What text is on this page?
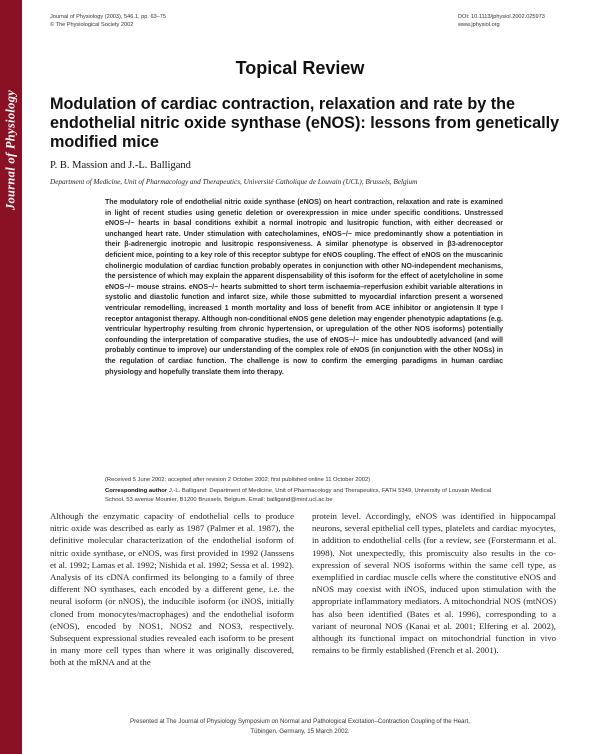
Journal of Physiology
Journal of Physiology (2003), 546.1, pp. 63–75
© The Physiological Society 2002
DOI: 10.1113/jphysiol.2002.025973
www.jphysiol.org
Topical Review
Modulation of cardiac contraction, relaxation and rate by the endothelial nitric oxide synthase (eNOS): lessons from genetically modified mice
P. B. Massion and J.-L. Balligand
Department of Medicine, Unit of Pharmacology and Therapeutics, Université Catholique de Louvain (UCL), Brussels, Belgium
The modulatory role of endothelial nitric oxide synthase (eNOS) on heart contraction, relaxation and rate is examined in light of recent studies using genetic deletion or overexpression in mice under specific conditions. Unstressed eNOS−/− hearts in basal conditions exhibit a normal inotropic and lusitropic function, with either decreased or unchanged heart rate. Under stimulation with catecholamines, eNOS−/− mice predominantly show a potentiation in their β-adrenergic inotropic and lusitropic responsiveness. A similar phenotype is observed in β3-adrenoceptor deficient mice, pointing to a key role of this receptor subtype for eNOS coupling. The effect of eNOS on the muscarinic cholinergic modulation of cardiac function probably operates in conjunction with other NO-independent mechanisms, the persistence of which may explain the apparent dispensability of this isoform for the effect of acetylcholine in some eNOS−/− mouse strains. eNOS−/− hearts submitted to short term ischaemia–reperfusion exhibit variable alterations in systolic and diastolic function and infarct size, while those submitted to myocardial infarction present a worsened ventricular remodelling, increased 1 month mortality and loss of benefit from ACE inhibitor or angiotensin II type I receptor antagonist therapy. Although non-conditional eNOS gene deletion may engender phenotypic adaptations (e.g. ventricular hypertrophy resulting from chronic hypertension, or upregulation of the other NOS isoforms) potentially confounding the interpretation of comparative studies, the use of eNOS−/− mice has undoubtedly advanced (and will probably continue to improve) our understanding of the complex role of eNOS (in conjunction with the other NOSs) in the regulation of cardiac function. The challenge is now to confirm the emerging paradigms in human cardiac physiology and hopefully translate them into therapy.
(Received 5 June 2002; accepted after revision 2 October 2002; first published online 11 October 2002)
Corresponding author J.-L. Balligand: Department of Medicine, Unit of Pharmacology and Therapeutics, FATH 5349, University of Louvain Medical School, 53 avenue Mounier, B1200 Brussels, Belgium. Email: balligand@mint.ucl.ac.be
Although the enzymatic capacity of endothelial cells to produce nitric oxide was described as early as 1987 (Palmer et al. 1987), the definitive molecular characterization of the endothelial isoform of nitric oxide synthase, or eNOS, was first provided in 1992 (Janssens et al. 1992; Lamas et al. 1992; Nishida et al. 1992; Sessa et al. 1992). Analysis of its cDNA confirmed its belonging to a family of three different NO synthases, each encoded by a different gene, i.e. the neural isoform (or nNOS), the inducible isoform (or iNOS, initially cloned from monocytes/macrophages) and the endothelial isoform (eNOS), encoded by NOS1, NOS2 and NOS3, respectively. Subsequent expressional studies revealed each isoform to be present in many more cell types than where it was originally discovered, both at the mRNA and at the
protein level. Accordingly, eNOS was identified in hippocampal neurons, several epithelial cell types, platelets and cardiac myocytes, in addition to endothelial cells (for a review, see (Forstermann et al. 1998). Not unexpectedly, this promiscuity also results in the co-expression of several NOS isoforms within the same cell type, as exemplified in cardiac muscle cells where the constitutive eNOS and nNOS may coexist with iNOS, induced upon stimulation with the appropriate inflammatory mediators. A mitochondrial NOS (mtNOS) has also been identified (Bates et al. 1996), corresponding to a variant of neuronal NOS (Kanai et al. 2001; Elfering et al. 2002), although its functional impact on mitochondrial function in vivo remains to be firmly established (French et al. 2001).
Presented at The Journal of Physiology Symposium on Normal and Pathological Excitation–Contraction Coupling of the Heart,
Tübingen, Germany, 15 March 2002.
